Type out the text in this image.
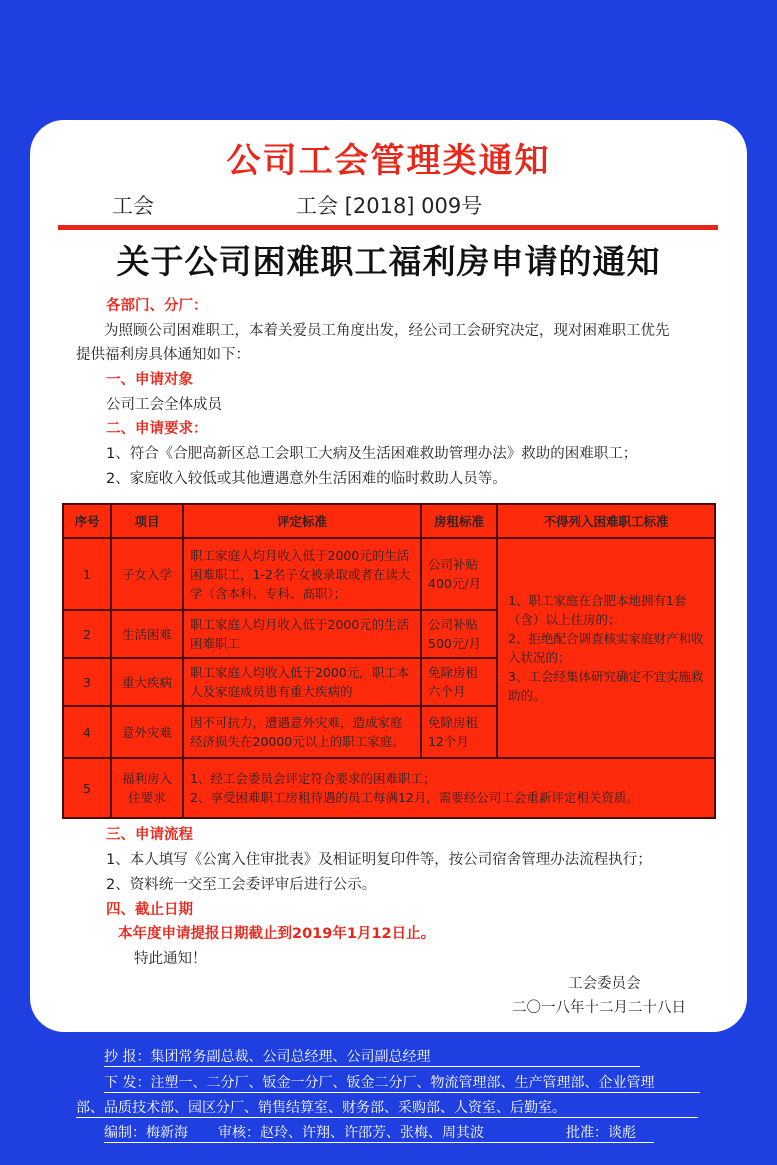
公司工会管理类通知
工会	工会 [2018] 009号
关于公司困难职工福利房申请的通知
各部门、分厂：
为照顾公司困难职工，本着关爱员工角度出发，经公司工会研究决定，现对困难职工优先
提供福利房具体通知如下：
一、申请对象
公司工会全体成员
二、申请要求：
1、符合《合肥高新区总工会职工大病及生活困难救助管理办法》救助的困难职工；
2、家庭收入较低或其他遭遇意外生活困难的临时救助人员等。
序号	项目	评定标准	房租标准	不得列入困难职工标准
1	子女入学	职工家庭人均月收入低于2000元的生活困难职工，1-2名子女被录取或者在读大学（含本科、专科、高职）；	公司补贴400元/月	1、职工家庭在合肥本地拥有1套（含）以上住房的；
2、拒绝配合调查核实家庭财产和收入状况的；
3、工会经集体研究确定不宜实施救助的。

2	生活困难	职工家庭人均月收入低于2000元的生活困难职工	公司补贴500元/月	
3	重大疾病	职工家庭人均收入低于2000元，职工本人及家庭成员患有重大疾病的	免除房租六个月	
4	意外灾难	因不可抗力，遭遇意外灾难，造成家庭经济损失在20000元以上的职工家庭。	免除房租12个月	
5	福利房入住要求	1、经工会委员会评定符合要求的困难职工；
2、享受困难职工房租待遇的员工每满12月，需要经公司工会重新评定相关资质。		
三、申请流程
1、本人填写《公寓入住审批表》及相证明复印件等，按公司宿舍管理办法流程执行；
2、资料统一交至工会委评审后进行公示。
四、截止日期
本年度申请提报日期截止到2019年1月12日止。
特此通知！
工会委员会
二〇一八年十二月二十八日
抄 报：集团常务副总裁、公司总经理、公司副总经理
下 发：注塑一、二分厂、钣金一分厂、钣金二分厂、物流管理部、生产管理部、企业管理
部、品质技术部、园区分厂、销售结算室、财务部、采购部、人资室、后勤室。
编制：梅新海 审核：赵玲、许翔、许邵芳、张梅、周其波	批准：谈彪
